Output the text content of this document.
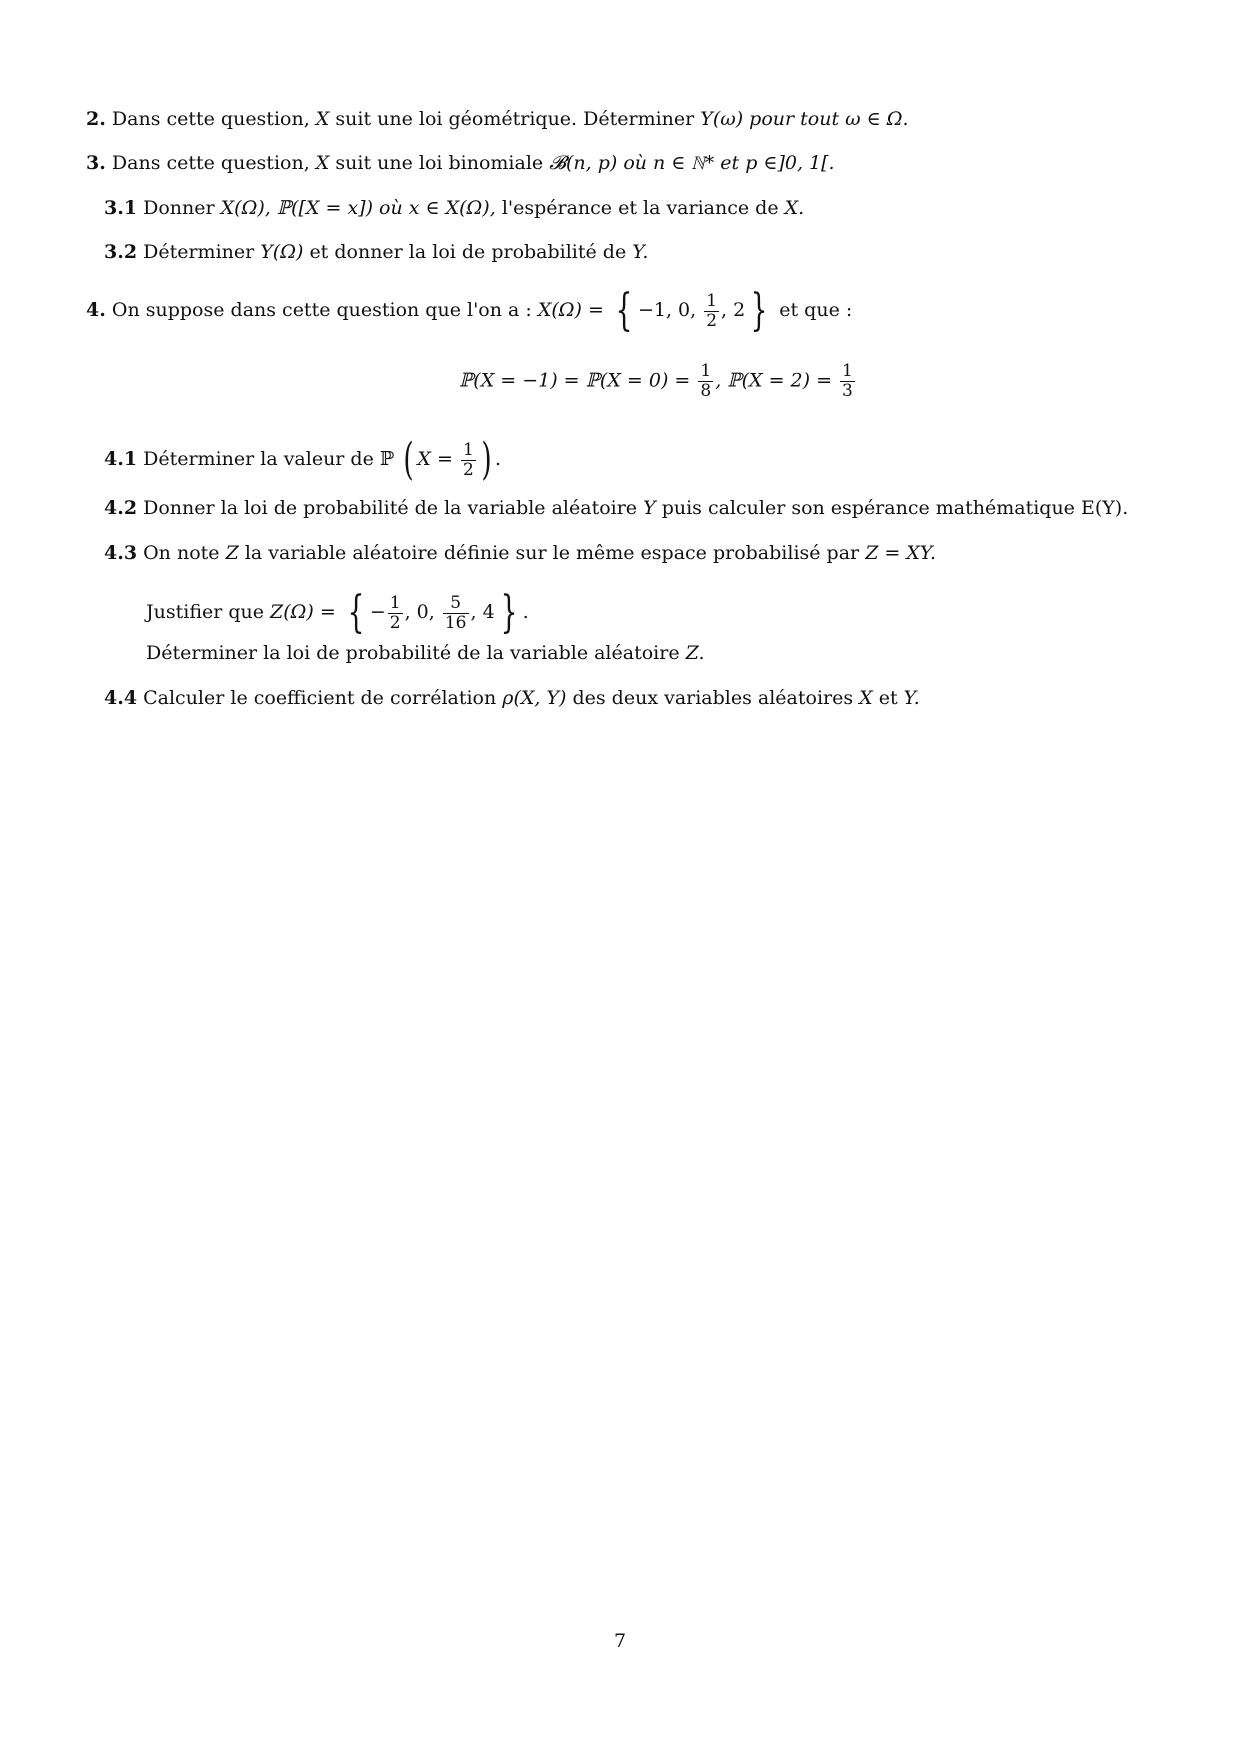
2. Dans cette question, X suit une loi géométrique. Déterminer Y(ω) pour tout ω ∈ Ω.
3. Dans cette question, X suit une loi binomiale 𝓑(n, p) où n ∈ ℕ* et p ∈]0, 1[.
3.1 Donner X(Ω), ℙ([X = x]) où x ∈ X(Ω), l'espérance et la variance de X.
3.2 Déterminer Y(Ω) et donner la loi de probabilité de Y.
4. On suppose dans cette question que l'on a : X(Ω) = { −1, 0, $\frac{1}{2}$ , 2 } et que :
ℙ(X = −1) = ℙ(X = $0) = \frac{1}{8}$ , ℙ(X = $2) = \frac{1}{3}$
4.1 Déterminer la valeur de ℙ ( $X = \frac{1}{2}$ ) .
4.2 Donner la loi de probabilité de la variable aléatoire Y puis calculer son espérance mathématique E(Y).
4.3 On note Z la variable aléatoire définie sur le même espace probabilisé par Z = XY.
Justifier que Z(Ω) = { − $\frac{1}{2}$ , 0, $\frac{5}{16}$ , 4 } .
Déterminer la loi de probabilité de la variable aléatoire Z.
4.4 Calculer le coefficient de corrélation ρ(X, Y) des deux variables aléatoires X et Y.
7
